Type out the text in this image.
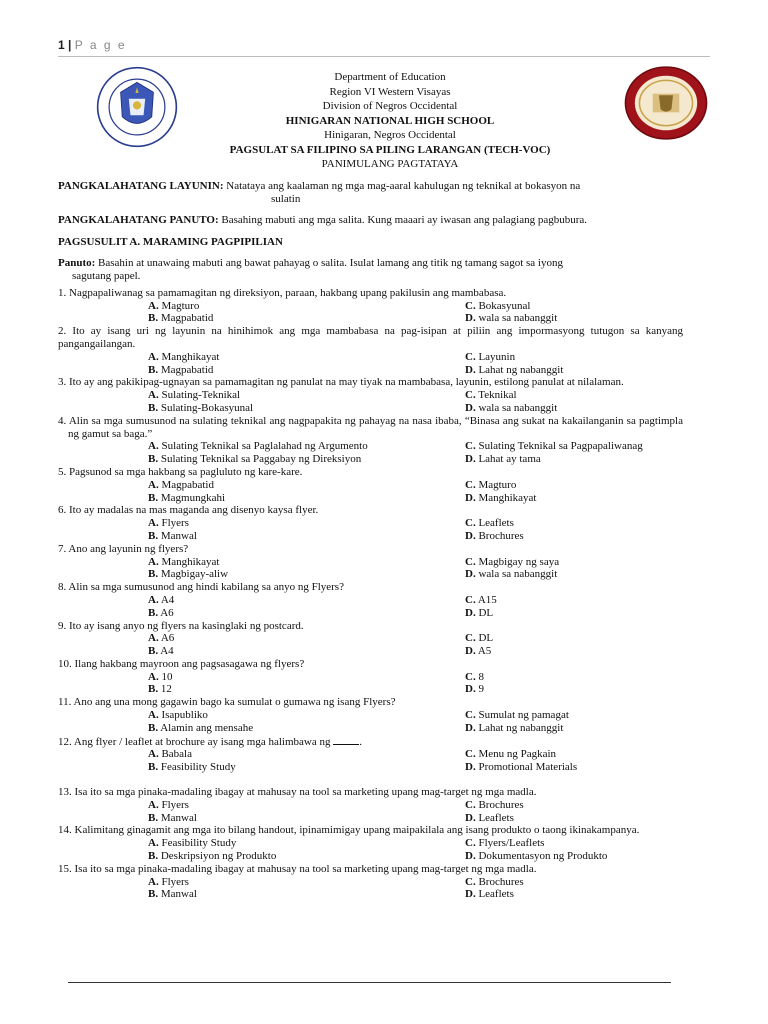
1 | P a g e
Department of Education
Region VI Western Visayas
Division of Negros Occidental
HINIGARAN NATIONAL HIGH SCHOOL
Hinigaran, Negros Occidental
PAGSULAT SA FILIPINO SA PILING LARANGAN (TECH-VOC)
PANIMULANG PAGTATAYA
PANGKALAHATANG LAYUNIN: Natataya ang kaalaman ng mga mag-aaral kahulugan ng teknikal at bokasyon na
sulatin
PANGKALAHATANG PANUTO: Basahing mabuti ang mga salita. Kung maaari ay iwasan ang palagiang pagbubura.
PAGSUSULIT A. MARAMING PAGPIPILIAN
Panuto: Basahin at unawaing mabuti ang bawat pahayag o salita. Isulat lamang ang titik ng tamang sagot sa iyong
sagutang papel.
1. Nagpapaliwanag sa pamamagitan ng direksiyon, paraan, hakbang upang pakilusin ang mambabasa.
A. Magturo	C. Bokasyunal
B. Magpabatid	D. wala sa nabanggit
2. Ito ay isang uri ng layunin na hinihimok ang mga mambabasa na pag-isipan at piliin ang impormasyong tutugon sa kanyang pangangailangan.
A. Manghikayat	C. Layunin
B. Magpabatid	D. Lahat ng nabanggit
3. Ito ay ang pakikipag-ugnayan sa pamamagitan ng panulat na may tiyak na mambabasa, layunin, estilong panulat at nilalaman.
A. Sulating-Teknikal	C. Teknikal
B. Sulating-Bokasyunal	D. wala sa nabanggit
4. Alin sa mga sumusunod na sulating teknikal ang nagpapakita ng pahayag na nasa ibaba, “Binasa ang sukat na kakailanganin sa pagtimpla ng gamut sa baga.”
A. Sulating Teknikal sa Paglalahad ng Argumento	C. Sulating Teknikal sa Pagpapaliwanag
B. Sulating Teknikal sa Paggabay ng Direksiyon	D. Lahat ay tama
5. Pagsunod sa mga hakbang sa pagluluto ng kare-kare.
A. Magpabatid	C. Magturo
B. Magmungkahi	D. Manghikayat
6. Ito ay madalas na mas maganda ang disenyo kaysa flyer.
A. Flyers	C. Leaflets
B. Manwal	D. Brochures
7. Ano ang layunin ng flyers?
A. Manghikayat	C. Magbigay ng saya
B. Magbigay-aliw	D. wala sa nabanggit
8. Alin sa mga sumusunod ang hindi kabilang sa anyo ng Flyers?
A. A4	C. A15
B. A6	D. DL
9. Ito ay isang anyo ng flyers na kasinglaki ng postcard.
A. A6	C. DL
B. A4	D. A5
10. Ilang hakbang mayroon ang pagsasagawa ng flyers?
A. 10	C. 8
B. 12	D. 9
11. Ano ang una mong gagawin bago ka sumulat o gumawa ng isang Flyers?
A. Isapubliko	C. Sumulat ng pamagat
B. Alamin ang mensahe	D. Lahat ng nabanggit
12. Ang flyer / leaflet at brochure ay isang mga halimbawa ng .
A. Babala	C. Menu ng Pagkain
B. Feasibility Study	D. Promotional Materials
13. Isa ito sa mga pinaka-madaling ibagay at mahusay na tool sa marketing upang mag-target ng mga madla.
A. Flyers	C. Brochures
B. Manwal	D. Leaflets
14. Kalimitang ginagamit ang mga ito bilang handout, ipinamimigay upang maipakilala ang isang produkto o taong ikinakampanya.
A. Feasibility Study	C. Flyers/Leaflets
B. Deskripsiyon ng Produkto	D. Dokumentasyon ng Produkto
15. Isa ito sa mga pinaka-madaling ibagay at mahusay na tool sa marketing upang mag-target ng mga madla.
A. Flyers	C. Brochures
B. Manwal	D. Leaflets
